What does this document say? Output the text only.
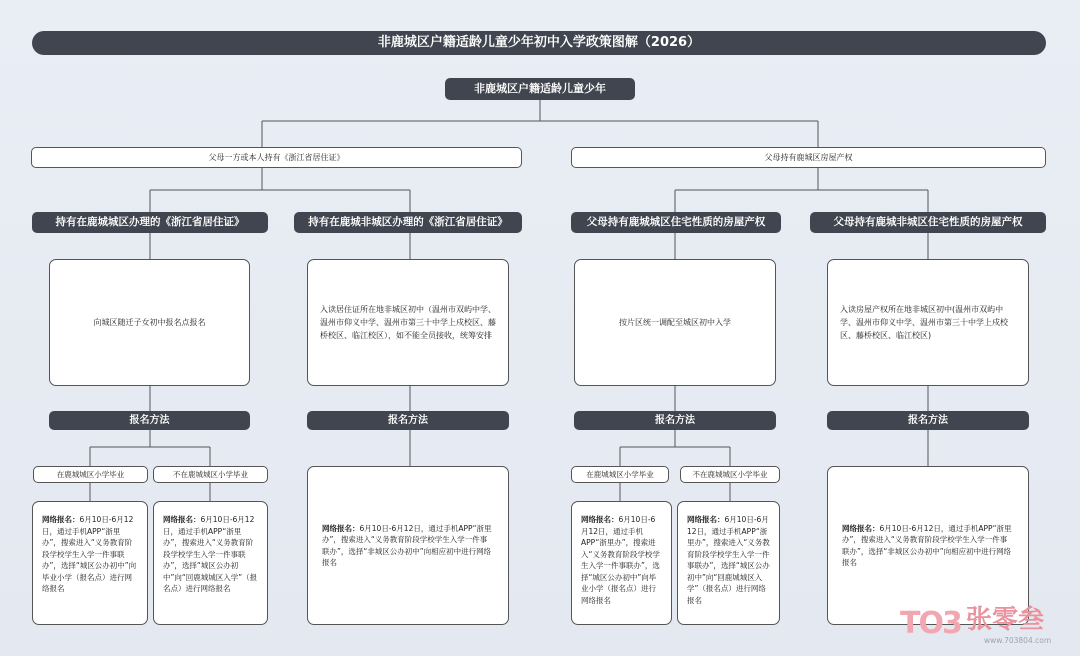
非鹿城区户籍适龄儿童少年初中入学政策图解（2026）
非鹿城区户籍适龄儿童少年
父母一方或本人持有《浙江省居住证》	父母持有鹿城区房屋产权
持有在鹿城城区办理的《浙江省居住证》	持有在鹿城非城区办理的《浙江省居住证》	父母持有鹿城城区住宅性质的房屋产权	父母持有鹿城非城区住宅性质的房屋产权
向城区随迁子女初中报名点报名
入读居住证所在地非城区初中（温州市双屿中学、温州市仰义中学、温州市第三十中学上戍校区、藤桥校区、临江校区），如不能全员接收，统筹安排
按片区统一调配至城区初中入学
入读房屋产权所在地非城区初中(温州市双屿中学、温州市仰义中学、温州市第三十中学上戍校区、藤桥校区、临江校区)
报名方法	报名方法	报名方法	报名方法
在鹿城城区小学毕业	不在鹿城城区小学毕业	在鹿城城区小学毕业	不在鹿城城区小学毕业
网络报名：6月10日-6月12日，通过手机APP“浙里办”，搜索进入“义务教育阶段学校学生入学一件事联办”，选择“城区公办初中”向毕业小学（报名点）进行网络报名
网络报名：6月10日-6月12日，通过手机APP“浙里办”，搜索进入“义务教育阶段学校学生入学一件事联办”，选择“城区公办初中”向“回鹿城城区入学”（报名点）进行网络报名
网络报名：6月10日-6月12日，通过手机APP“浙里办”，搜索进入“义务教育阶段学校学生入学一件事联办”，选择“城区公办初中”向毕业小学（报名点）进行网络报名
网络报名：6月10日-6月12日，通过手机APP“浙里办”，搜索进入“义务教育阶段学校学生入学一件事联办”，选择“城区公办初中”向“回鹿城城区入学”（报名点）进行网络报名
网络报名：6月10日-6月12日，通过手机APP“浙里办”，搜索进入“义务教育阶段学校学生入学一件事联办”，选择“非城区公办初中”向相应初中进行网络报名
网络报名：6月10日-6月12日，通过手机APP“浙里办”，搜索进入“义务教育阶段学校学生入学一件事联办”，选择“非城区公办初中”向相应初中进行网络报名
TO3 张零叁
www.703804.com
